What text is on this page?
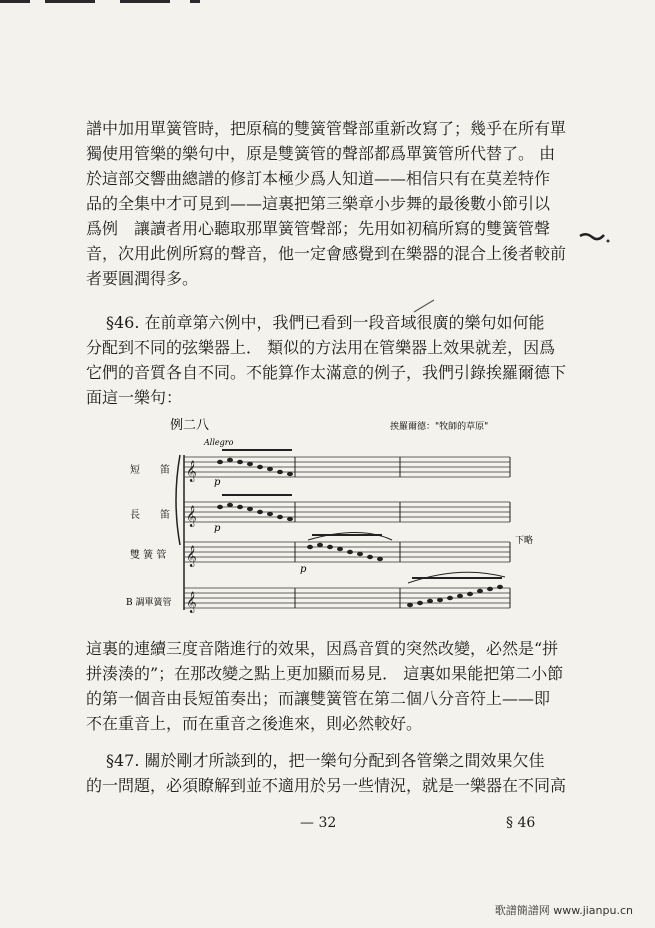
譜中加用單簧管時，把原稿的雙簧管聲部重新改寫了；幾乎在所有單
獨使用管樂的樂句中，原是雙簧管的聲部都爲單簧管所代替了。 由
於這部交響曲總譜的修訂本極少爲人知道——相信只有在莫差特作
品的全集中才可見到——這裏把第三樂章小步舞的最後數小節引以
爲例　讓讀者用心聽取那單簧管聲部；先用如初稿所寫的雙簧管聲
音，次用此例所寫的聲音，他一定會感覺到在樂器的混合上後者較前
者要圓潤得多。
§46. 在前章第六例中，我們已看到一段音域很廣的樂句如何能
分配到不同的弦樂器上． 類似的方法用在管樂器上效果就差，因爲
它們的音質各自不同。不能算作太滿意的例子，我們引錄挨羅爾德下
面這一樂句：
例二八	挨羅爾德："牧師的草原"
Allegro
短　　笛
長　　笛
雙 簧 管
B 調單簧管
𝄞
𝄞
𝄞
𝄞
p
p
p
下略
這裏的連續三度音階進行的效果，因爲音質的突然改變，必然是“拼
拼湊湊的”；在那改變之點上更加顯而易見． 這裏如果能把第二小節
的第一個音由長短笛奏出；而讓雙簧管在第二個八分音符上——即
不在重音上，而在重音之後進來，則必然較好。
§47. 關於剛才所談到的，把一樂句分配到各管樂之間效果欠佳
的一問題，必須瞭解到並不適用於另一些情況，就是一樂器在不同高
— 32	§ 46
歌譜簡譜网 www.jianpu.cn
